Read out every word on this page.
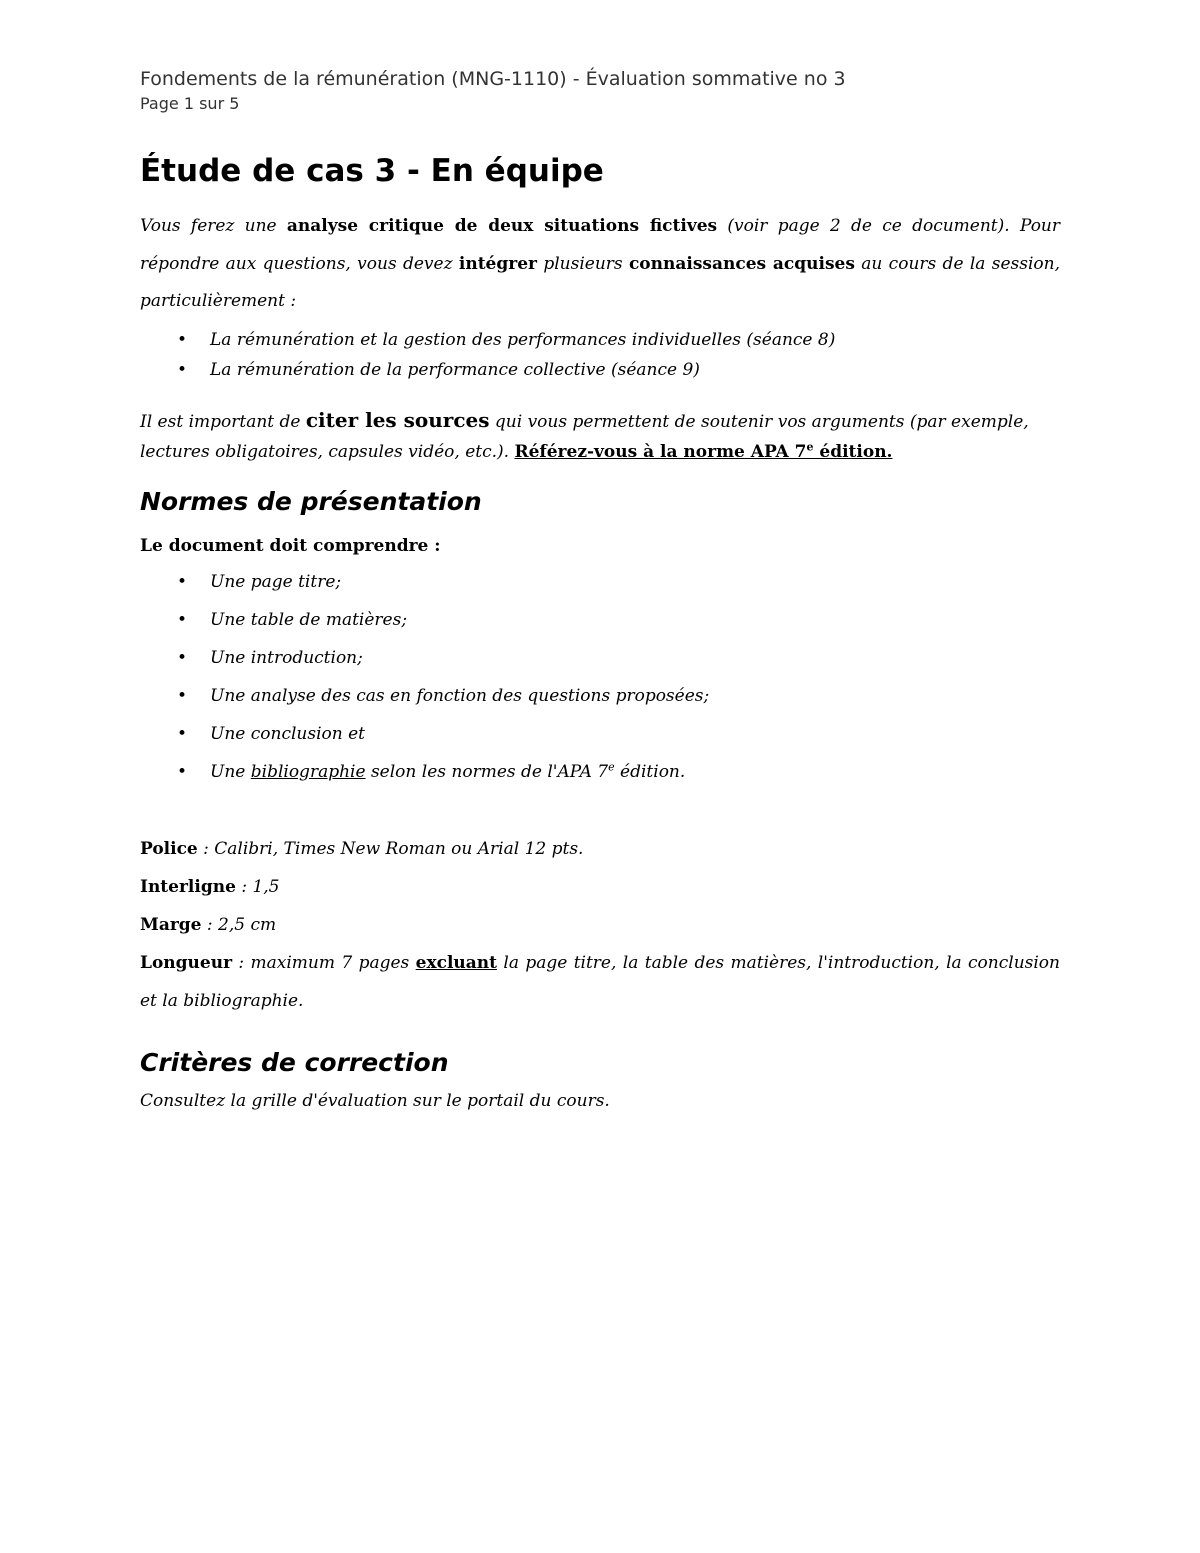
Fondements de la rémunération (MNG-1110) - Évaluation sommative no 3
Page 1 sur 5
Étude de cas 3 - En équipe

Vous ferez une analyse critique de deux situations fictives (voir page 2 de ce document). Pour répondre aux questions, vous devez intégrer plusieurs connaissances acquises au cours de la session, particulièrement :

• La rémunération et la gestion des performances individuelles (séance 8)
• La rémunération de la performance collective (séance 9)

Il est important de citer les sources qui vous permettent de soutenir vos arguments (par exemple, lectures obligatoires, capsules vidéo, etc.). Référez-vous à la norme APA 7e édition.

Normes de présentation
Le document doit comprendre :
• Une page titre;
• Une table de matières;
• Une introduction;
• Une analyse des cas en fonction des questions proposées;
• Une conclusion et
• Une bibliographie selon les normes de l'APA 7e édition.
Police : Calibri, Times New Roman ou Arial 12 pts.
Interligne : 1,5
Marge : 2,5 cm
Longueur : maximum 7 pages excluant la page titre, la table des matières, l'introduction, la conclusion et la bibliographie.
Critères de correction
Consultez la grille d'évaluation sur le portail du cours.
